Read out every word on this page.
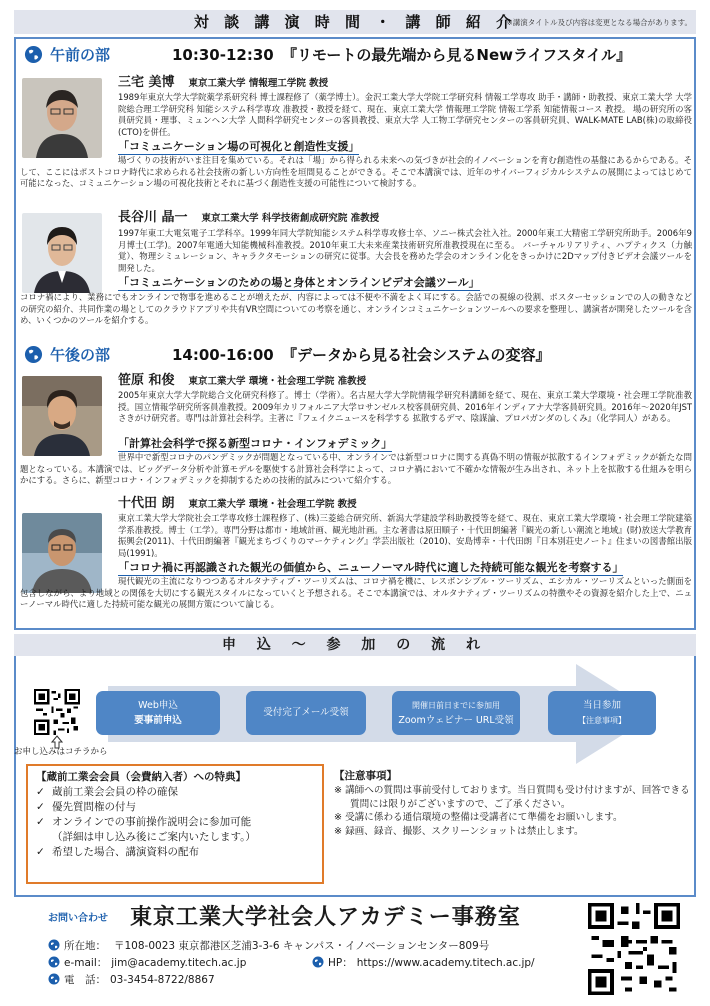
対 談 講 演 時 間 ・ 講 師 紹 介
※講演タイトル及び内容は変更となる場合があります。
午前の部	10:30-12:30 『リモートの最先端から見るNewライフスタイル』
三宅 美博 東京工業大学 情報理工学院 教授
1989年東京大学大学院薬学系研究科 博士課程修了（薬学博士）。金沢工業大学大学院工学研究科 情報工学専攻 助手・講師・助教授、東京工業大学 大学院総合理工学研究科 知能システム科学専攻 准教授・教授を経て、現在、東京工業大学 情報理工学院 情報工学系 知能情報コース 教授。 場の研究所の客員研究員・理事、ミュンヘン大学 人間科学研究センターの客員教授、東京大学 人工物工学研究センターの客員研究員、WALK-MATE LAB(株)の取締役(CTO)を併任。
「コミュニケーション場の可視化と創造性支援」
場づくりの技術がいま注目を集めている。それは「場」から得られる未来への気づきが社会的イノベーションを育む創造性の基盤にあるからである。そして、ここにはポストコロナ時代に求められる社会技術の新しい方向性を垣間見ることができる。そこで本講演では、近年のサイバーフィジカルシステムの展開によってはじめて可能になった、コミュニケーション場の可視化技術とそれに基づく創造性支援の可能性について検討する。
長谷川 晶一 東京工業大学 科学技術創成研究院 准教授
1997年東工大電気電子工学科卒。1999年同大学院知能システム科学専攻修士卒、ソニー株式会社入社。2000年東工大精密工学研究所助手。2006年9月博士(工学)。2007年電通大知能機械科准教授。2010年東工大未来産業技術研究所准教授現在に至る。 バーチャルリアリティ、ハプティクス（力触覚）、物理シミュレーション、キャラクタモーションの研究に従事。大会長を務めた学会のオンライン化をきっかけに2Dマップ付きビデオ会議ツールを開発した。
「コミュニケーションのための場と身体とオンラインビデオ会議ツール」
コロナ禍により、業務にでもオンラインで物事を進めることが増えたが、内容によっては不便や不満をよく耳にする。会話での視線の役割、ポスターセッションでの人の動きなどの研究の紹介、共同作業の場としてのクラウドアプリや共有VR空間についての考察を通じ、オンラインコミュニケーションツールへの要求を整理し、講演者が開発したツールを含め、いくつかのツールを紹介する。
午後の部	14:00-16:00 『データから見る社会システムの変容』
笹原 和俊 東京工業大学 環境・社会理工学院 准教授
2005年東京大学大学院総合文化研究科修了。博士（学術）。名古屋大学大学院情報学研究科講師を経て、現在、東京工業大学環境・社会理工学院准教授。国立情報学研究所客員准教授。2009年カリフォルニア大学ロサンゼルス校客員研究員、2016年インディアナ大学客員研究員。2016年～2020年JSTさきがけ研究者。専門は計算社会科学。主著に『フェイクニュースを科学する 拡散するデマ、陰謀論、プロパガンダのしくみ』（化学同人）がある。
「計算社会科学で探る新型コロナ・インフォデミック」
世界中で新型コロナのパンデミックが問題となっている中、オンラインでは新型コロナに関する真偽不明の情報が拡散するインフォデミックが新たな問題となっている。本講演では、ビッグデータ分析や計算モデルを駆使する計算社会科学によって、コロナ禍において不確かな情報が生み出され、ネット上を拡散する仕組みを明らかにする。さらに、新型コロナ・インフォデミックを抑制するための技術的試みについて紹介する。
十代田 朗 東京工業大学 環境・社会理工学院 教授
東京工業大学大学院社会工学専攻修士課程修了、(株)三菱総合研究所、新潟大学建設学科助教授等を経て、現在、東京工業大学環境・社会理工学院建築学系准教授。博士（工学）。専門分野は都市・地域計画、観光地計画。主な著書は原田順子・十代田朗編著『観光の新しい潮流と地域』(財)放送大学教育振興会(2011)、十代田朗編著『観光まちづくりのマーケティング』学芸出版社（2010)、安島博幸・十代田朗『日本別荘史ノート』住まいの図書館出版局(1991)。
「コロナ禍に再認識された観光の価値から、ニューノーマル時代に適した持続可能な観光を考察する」
現代観光の主流になりつつあるオルタナティブ・ツーリズムは、コロナ禍を機に、レスポンシブル・ツーリズム、エシカル・ツーリズムといった側面を包含しながら、より地域との関係を大切にする観光スタイルになっていくと予想される。そこで本講演では、オルタナティブ・ツーリズムの特徴やその資源を紹介した上で、ニューノーマル時代に適した持続可能な観光の展開方策について論じる。
申 込 ～ 参 加 の 流 れ
お申し込みはコチラから
Web申込
要事前申込
受付完了メール受領
開催日前日までに参加用
Zoomウェビナー URL受領
当日参加
【注意事項】
【蔵前工業会会員（会費納入者）への特典】
✓ 蔵前工業会会員の枠の確保
✓ 優先質問権の付与
✓ オンラインでの事前操作説明会に参加可能
（詳細は申し込み後にご案内いたします。）
✓ 希望した場合、講演資料の配布
【注意事項】
※ 講師への質問は事前受付しております。当日質問も受け付けますが、回答できる質問には限りがございますので、ご了承ください。
※ 受講に係わる通信環境の整備は受講者にて準備をお願いします。
※ 録画、録音、撮影、スクリーンショットは禁止します。
お問い合わせ 東京工業大学社会人アカデミー事務室
所在地： 〒108-0023 東京都港区芝浦3-3-6 キャンパス・イノベーションセンター809号
e-mail： jim@academy.titech.ac.jp	HP： https://www.academy.titech.ac.jp/
電　話： 03-3454-8722/8867
